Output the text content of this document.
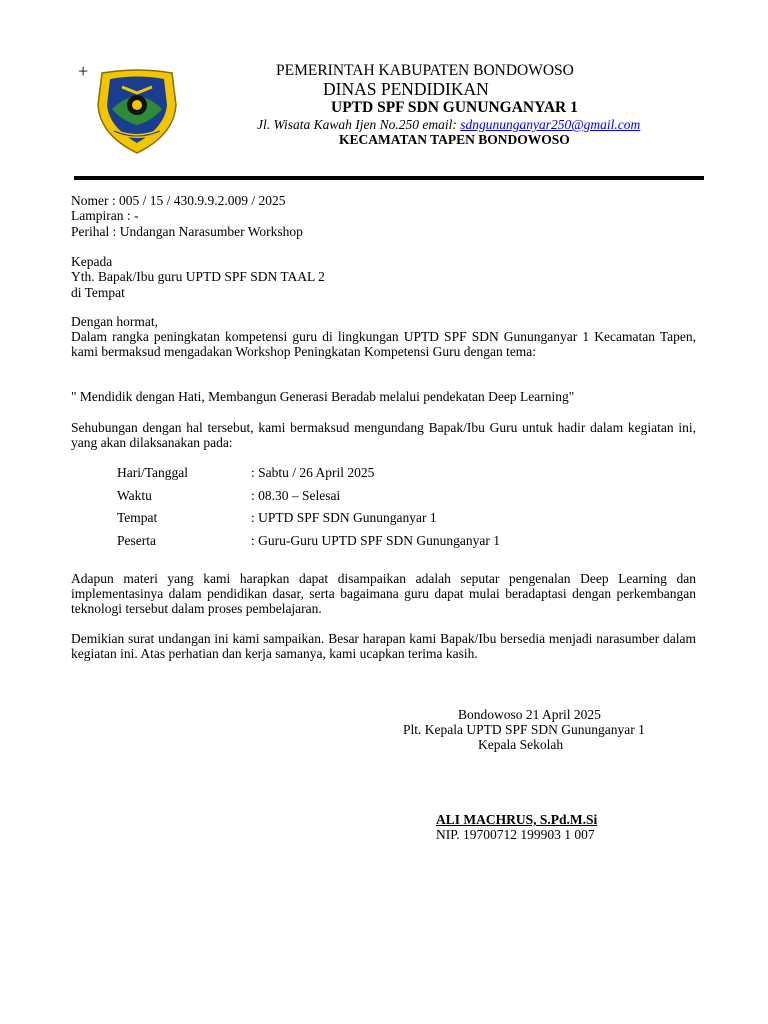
+	PEMERINTAH KABUPATEN BONDOWOSO
DINAS PENDIDIKAN
UPTD SPF SDN GUNUNGANYAR 1
Jl. Wisata Kawah Ijen No.250 email: sdngununganyar250@gmail.com
KECAMATAN TAPEN BONDOWOSO
Nomer : 005 / 15 / 430.9.9.2.009 / 2025
Lampiran : -
Perihal : Undangan Narasumber Workshop
Kepada
Yth. Bapak/Ibu guru UPTD SPF SDN TAAL 2
di Tempat
Dengan hormat,
Dalam rangka peningkatan kompetensi guru di lingkungan UPTD SPF SDN Gununganyar 1 Kecamatan Tapen, kami bermaksud mengadakan Workshop Peningkatan Kompetensi Guru dengan tema:
" Mendidik dengan Hati, Membangun Generasi Beradab melalui pendekatan Deep Learning"
Sehubungan dengan hal tersebut, kami bermaksud mengundang Bapak/Ibu Guru untuk hadir dalam kegiatan ini, yang akan dilaksanakan pada:
Hari/Tanggal	: Sabtu / 26 April 2025
Waktu	: 08.30 – Selesai
Tempat	: UPTD SPF SDN Gununganyar 1
Peserta	: Guru-Guru UPTD SPF SDN Gununganyar 1
Adapun materi yang kami harapkan dapat disampaikan adalah seputar pengenalan Deep Learning dan implementasinya dalam pendidikan dasar, serta bagaimana guru dapat mulai beradaptasi dengan perkembangan teknologi tersebut dalam proses pembelajaran.
Demikian surat undangan ini kami sampaikan. Besar harapan kami Bapak/Ibu bersedia menjadi narasumber dalam kegiatan ini. Atas perhatian dan kerja samanya, kami ucapkan terima kasih.
Bondowoso 21 April 2025
Plt. Kepala UPTD SPF SDN Gununganyar 1
Kepala Sekolah
ALI MACHRUS, S.Pd.M.Si
NIP. 19700712 199903 1 007
